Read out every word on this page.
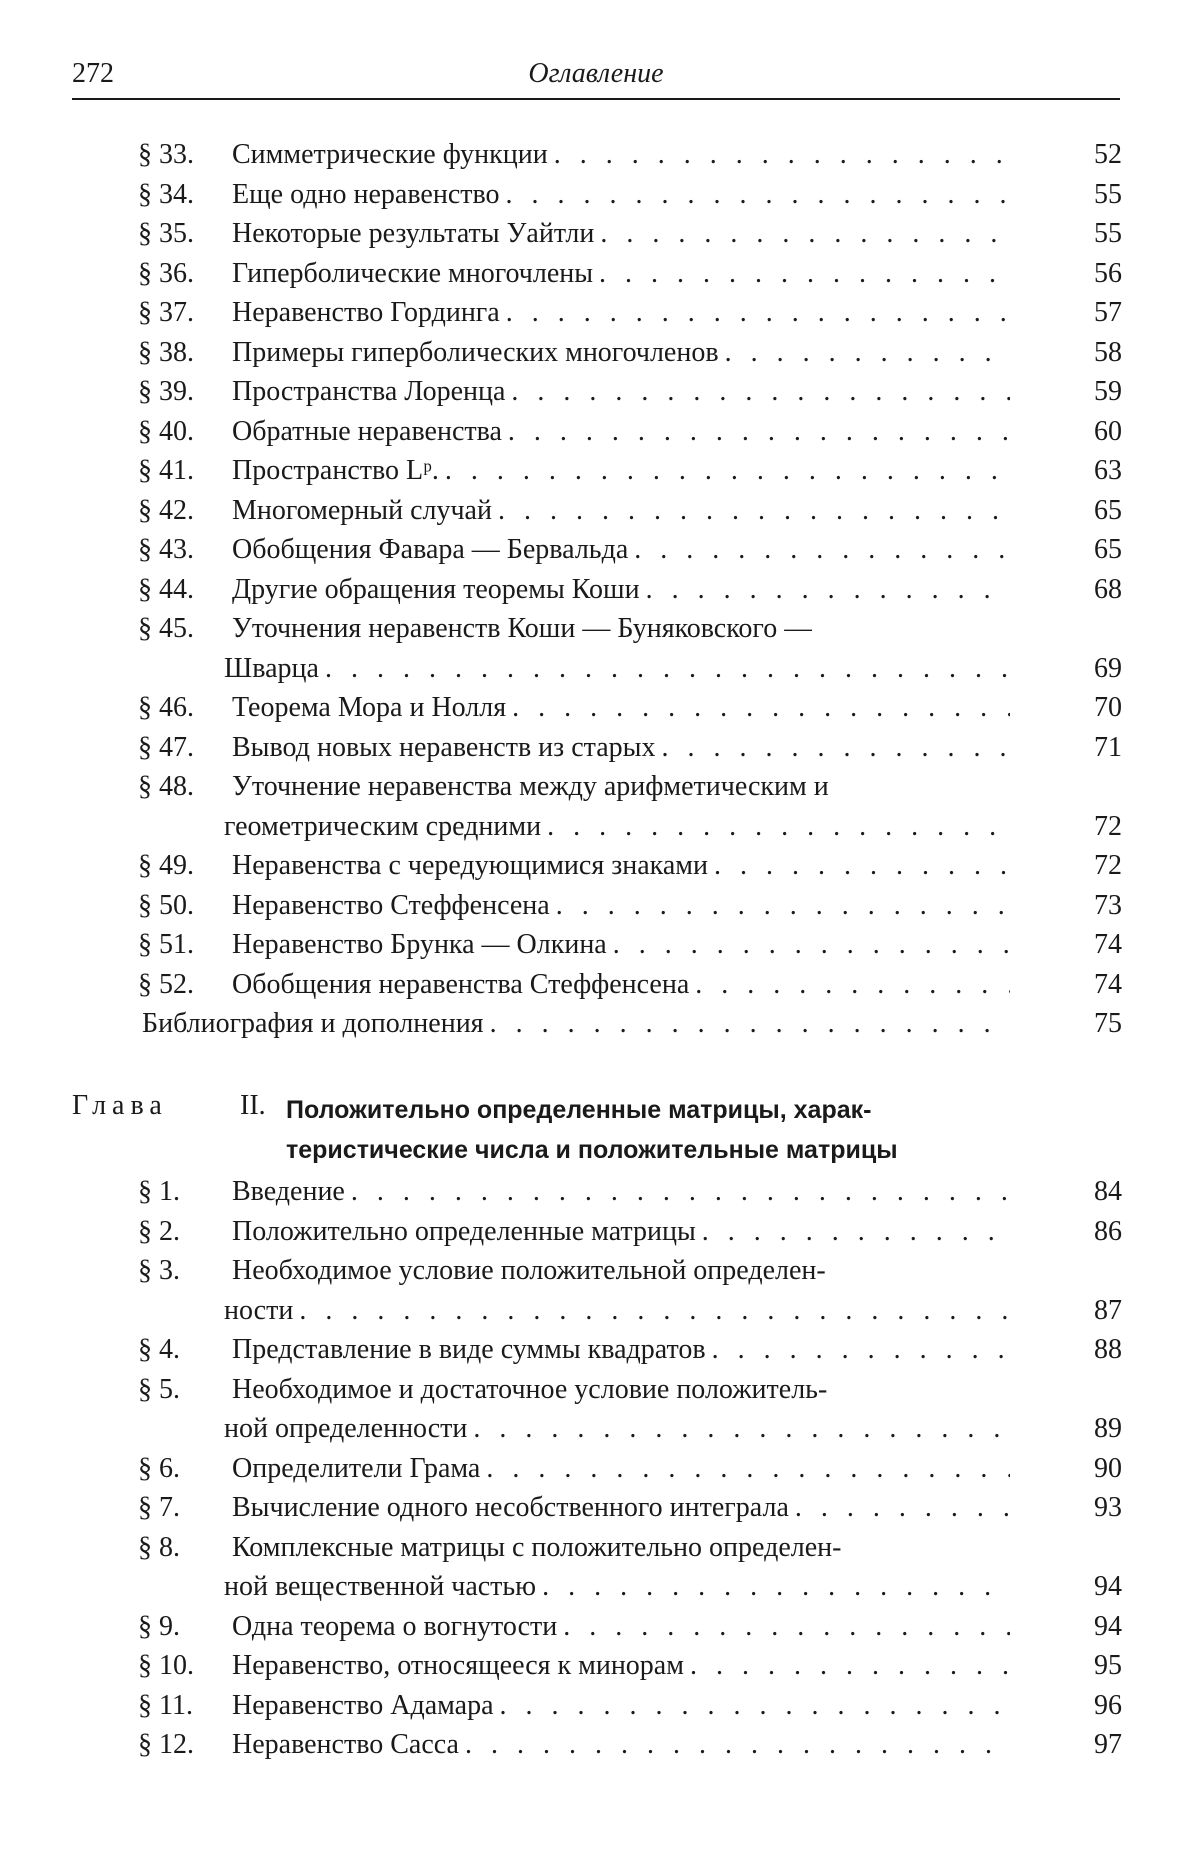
272	Оглавление
§ 33.	Симметрические функции
. . .	52
§ 34.	Еще одно неравенство
. . .	55
§ 35.	Некоторые результаты Уайтли
. . .	55
§ 36.	Гиперболические многочлены
. . .	56
§ 37.	Неравенство Гординга
. . .	57
§ 38.	Примеры гиперболических многочленов
. . .	58
§ 39.	Пространства Лоренца
. . .	59
§ 40.	Обратные неравенства
. . .	60
§ 41.	Пространство Lᵖ.
. . .	63
§ 42.	Многомерный случай
. . .	65
§ 43.	Обобщения Фавара — Бервальда
. . .	65
§ 44.	Другие обращения теоремы Коши
. . .	68
§ 45.	Уточнения неравенств Коши — Буняковского —
Шварца
. . .	69
§ 46.	Теорема Мора и Нолля
. . .	70
§ 47.	Вывод новых неравенств из старых
. . .	71
§ 48.	Уточнение неравенства между арифметическим и
геометрическим средними
. . .	72
§ 49.	Неравенства с чередующимися знаками
. . .	72
§ 50.	Неравенство Стеффенсена
. . .	73
§ 51.	Неравенство Брунка — Олкина
. . .	74
§ 52.	Обобщения неравенства Стеффенсена
. . .	74
Библиография и дополнения
. . .	75
Глава	II. Положительно определенные матрицы, харак-
теристические числа и положительные матрицы
§ 1.	Введение
. . .	84
§ 2.	Положительно определенные матрицы
. . .	86
§ 3.	Необходимое условие положительной определен-
ности
. . .	87
§ 4.	Представление в виде суммы квадратов
. . .	88
§ 5.	Необходимое и достаточное условие положитель-
ной определенности
. . .	89
§ 6.	Определители Грама
. . .	90
§ 7.	Вычисление одного несобственного интеграла
. . .	93
§ 8.	Комплексные матрицы с положительно определен-
ной вещественной частью
. . .	94
§ 9.	Одна теорема о вогнутости
. . .	94
§ 10.	Неравенство, относящееся к минорам
. . .	95
§ 11.	Неравенство Адамара
. . .	96
§ 12.	Неравенство Сасса
. . .	97
